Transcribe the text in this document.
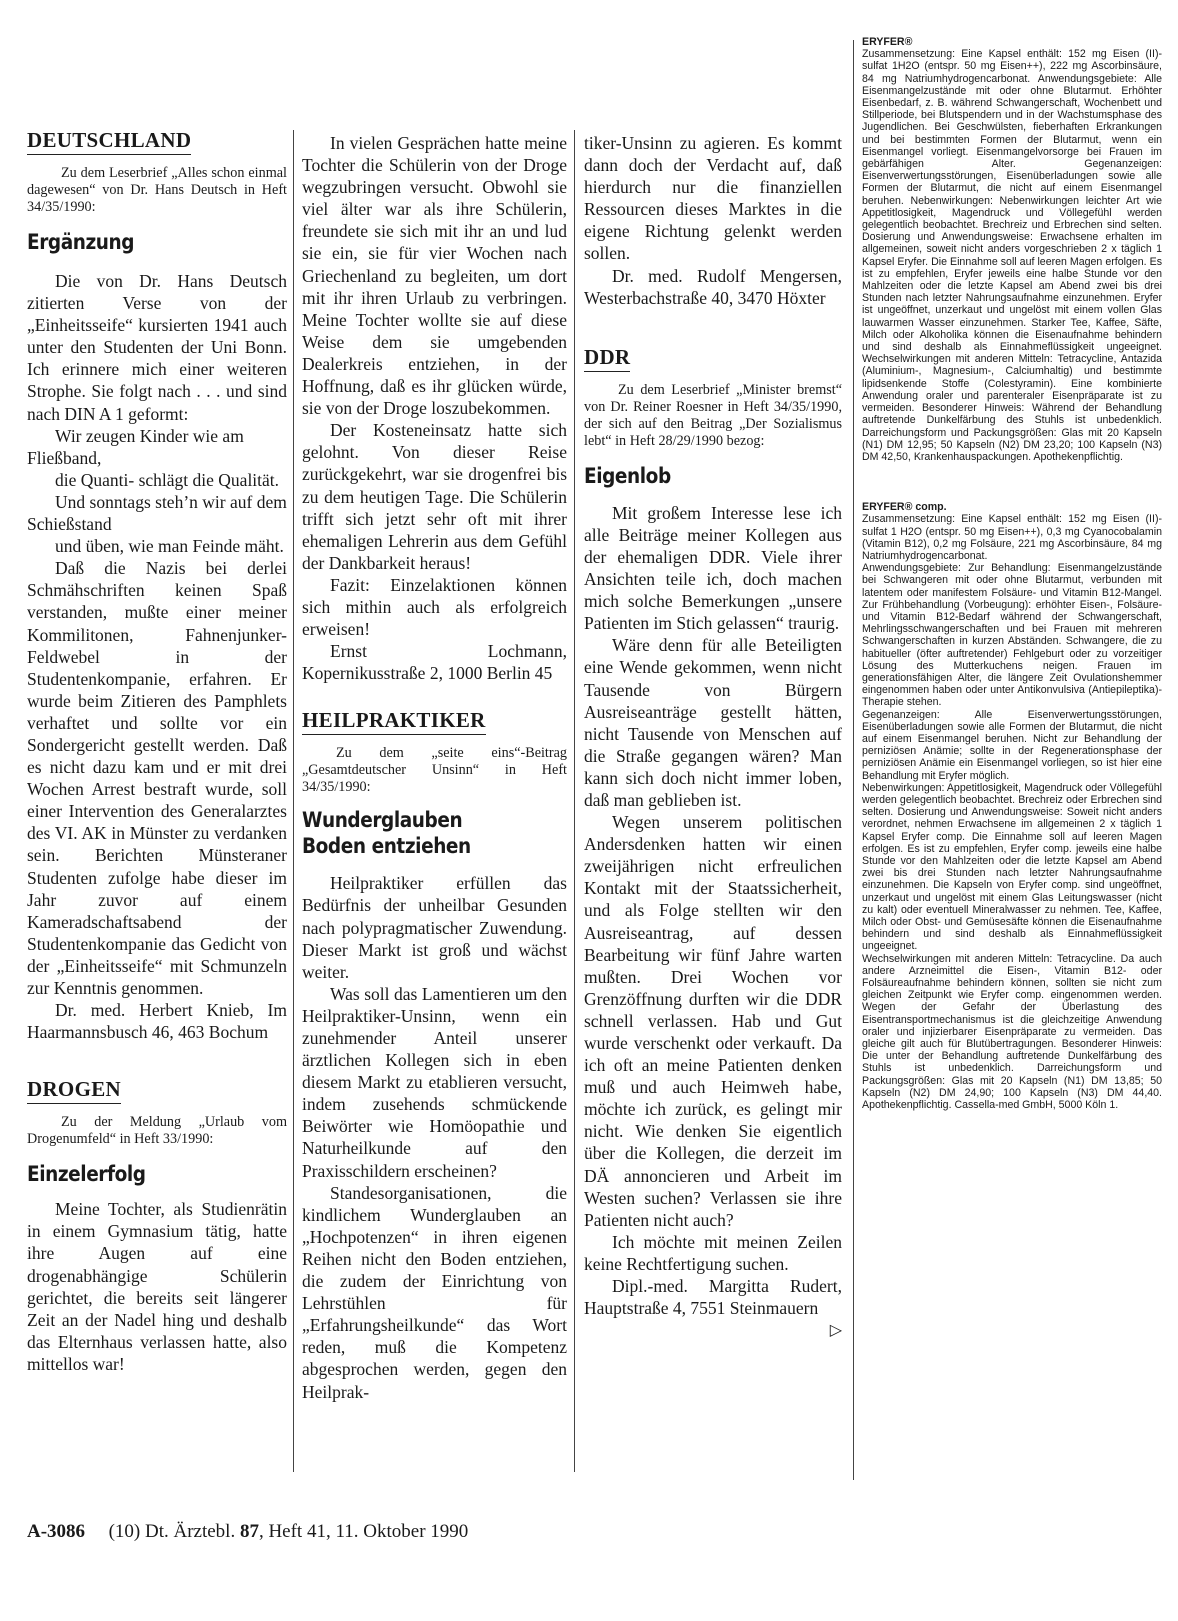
DEUTSCHLAND

Zu dem Leserbrief „Alles schon einmal dagewesen“ von Dr. Hans Deutsch in Heft 34/35/1990:

Ergänzung

Die von Dr. Hans Deutsch zitierten Verse von der „Einheitsseife“ kursierten 1941 auch unter den Studenten der Uni Bonn. Ich erinnere mich einer weiteren Strophe. Sie folgt nach . . . und sind nach DIN A 1 geformt:

Wir zeugen Kinder wie am Fließband,

die Quanti- schlägt die Qualität.

Und sonntags steh’n wir auf dem Schießstand

und üben, wie man Feinde mäht.

Daß die Nazis bei derlei Schmähschriften keinen Spaß verstanden, mußte einer meiner Kommilitonen, Fahnenjunker-Feldwebel in der Studentenkompanie, erfahren. Er wurde beim Zitieren des Pamphlets verhaftet und sollte vor ein Sondergericht gestellt werden. Daß es nicht dazu kam und er mit drei Wochen Arrest bestraft wurde, soll einer Intervention des Generalarztes des VI. AK in Münster zu verdanken sein. Berichten Münsteraner Studenten zufolge habe dieser im Jahr zuvor auf einem Kameradschaftsabend der Studentenkompanie das Gedicht von der „Einheitsseife“ mit Schmunzeln zur Kenntnis genommen.

Dr. med. Herbert Knieb, Im Haarmannsbusch 46, 463 Bochum

DROGEN

Zu der Meldung „Urlaub vom Drogenumfeld“ in Heft 33/1990:

Einzelerfolg

Meine Tochter, als Studienrätin in einem Gymnasium tätig, hatte ihre Augen auf eine drogenabhängige Schülerin gerichtet, die bereits seit längerer Zeit an der Nadel hing und deshalb das Elternhaus verlassen hatte, also mittellos war!

In vielen Gesprächen hatte meine Tochter die Schülerin von der Droge wegzubringen versucht. Obwohl sie viel älter war als ihre Schülerin, freundete sie sich mit ihr an und lud sie ein, sie für vier Wochen nach Griechenland zu begleiten, um dort mit ihr ihren Urlaub zu verbringen. Meine Tochter wollte sie auf diese Weise dem sie umgebenden Dealerkreis entziehen, in der Hoffnung, daß es ihr glücken würde, sie von der Droge loszubekommen.

Der Kosteneinsatz hatte sich gelohnt. Von dieser Reise zurückgekehrt, war sie drogenfrei bis zu dem heutigen Tage. Die Schülerin trifft sich jetzt sehr oft mit ihrer ehemaligen Lehrerin aus dem Gefühl der Dankbarkeit heraus!

Fazit: Einzelaktionen können sich mithin auch als erfolgreich erweisen!

Ernst Lochmann, Kopernikusstraße 2, 1000 Berlin 45

HEILPRAKTIKER

Zu dem „seite eins“-Beitrag „Gesamtdeutscher Unsinn“ in Heft 34/35/1990:

Wunderglauben Boden entziehen

Heilpraktiker erfüllen das Bedürfnis der unheilbar Gesunden nach polypragmatischer Zuwendung. Dieser Markt ist groß und wächst weiter.

Was soll das Lamentieren um den Heilpraktiker-Unsinn, wenn ein zunehmender Anteil unserer ärztlichen Kollegen sich in eben diesem Markt zu etablieren versucht, indem zusehends schmückende Beiwörter wie Homöopathie und Naturheilkunde auf den Praxisschildern erscheinen?

Standesorganisationen, die kindlichem Wunderglauben an „Hochpotenzen“ in ihren eigenen Reihen nicht den Boden entziehen, die zudem der Einrichtung von Lehrstühlen für „Erfahrungsheilkunde“ das Wort reden, muß die Kompetenz abgesprochen werden, gegen den Heilprak-

tiker-Unsinn zu agieren. Es kommt dann doch der Verdacht auf, daß hierdurch nur die finanziellen Ressourcen dieses Marktes in die eigene Richtung gelenkt werden sollen.

Dr. med. Rudolf Mengersen, Westerbachstraße 40, 3470 Höxter

DDR

Zu dem Leserbrief „Minister bremst“ von Dr. Reiner Roesner in Heft 34/35/1990, der sich auf den Beitrag „Der Sozialismus lebt“ in Heft 28/29/1990 bezog:

Eigenlob

Mit großem Interesse lese ich alle Beiträge meiner Kollegen aus der ehemaligen DDR. Viele ihrer Ansichten teile ich, doch machen mich solche Bemerkungen „unsere Patienten im Stich gelassen“ traurig.

Wäre denn für alle Beteiligten eine Wende gekommen, wenn nicht Tausende von Bürgern Ausreiseanträge gestellt hätten, nicht Tausende von Menschen auf die Straße gegangen wären? Man kann sich doch nicht immer loben, daß man geblieben ist.

Wegen unserem politischen Andersdenken hatten wir einen zweijährigen nicht erfreulichen Kontakt mit der Staatssicherheit, und als Folge stellten wir den Ausreiseantrag, auf dessen Bearbeitung wir fünf Jahre warten mußten. Drei Wochen vor Grenzöffnung durften wir die DDR schnell verlassen. Hab und Gut wurde verschenkt oder verkauft. Da ich oft an meine Patienten denken muß und auch Heimweh habe, möchte ich zurück, es gelingt mir nicht. Wie denken Sie eigentlich über die Kollegen, die derzeit im DÄ annoncieren und Arbeit im Westen suchen? Verlassen sie ihre Patienten nicht auch?

Ich möchte mit meinen Zeilen keine Rechtfertigung suchen.

Dipl.-med. Margitta Rudert, Hauptstraße 4, 7551 Steinmauern
▷

ERYFER®

Zusammensetzung: Eine Kapsel enthält: 152 mg Eisen (II)-sulfat 1H2O (entspr. 50 mg Eisen++), 222 mg Ascorbinsäure, 84 mg Natriumhydrogencarbonat. Anwendungsgebiete: Alle Eisenmangelzustände mit oder ohne Blutarmut. Erhöhter Eisenbedarf, z. B. während Schwangerschaft, Wochenbett und Stillperiode, bei Blutspendern und in der Wachstumsphase des Jugendlichen. Bei Geschwülsten, fieberhaften Erkrankungen und bei bestimmten Formen der Blutarmut, wenn ein Eisenmangel vorliegt. Eisenmangelvorsorge bei Frauen im gebärfähigen Alter. Gegenanzeigen: Eisenverwertungsstörungen, Eisenüberladungen sowie alle Formen der Blutarmut, die nicht auf einem Eisenmangel beruhen. Nebenwirkungen: Nebenwirkungen leichter Art wie Appetitlosigkeit, Magendruck und Völlegefühl werden gelegentlich beobachtet. Brechreiz und Erbrechen sind selten. Dosierung und Anwendungsweise: Erwachsene erhalten im allgemeinen, soweit nicht anders vorgeschrieben 2 x täglich 1 Kapsel Eryfer. Die Einnahme soll auf leeren Magen erfolgen. Es ist zu empfehlen, Eryfer jeweils eine halbe Stunde vor den Mahlzeiten oder die letzte Kapsel am Abend zwei bis drei Stunden nach letzter Nahrungsaufnahme einzunehmen. Eryfer ist ungeöffnet, unzerkaut und ungelöst mit einem vollen Glas lauwarmen Wasser einzunehmen. Starker Tee, Kaffee, Säfte, Milch oder Alkoholika können die Eisenaufnahme behindern und sind deshalb als Einnahmeflüssigkeit ungeeignet. Wechselwirkungen mit anderen Mitteln: Tetracycline, Antazida (Aluminium-, Magnesium-, Calciumhaltig) und bestimmte lipidsenkende Stoffe (Colestyramin). Eine kombinierte Anwendung oraler und parenteraler Eisenpräparate ist zu vermeiden. Besonderer Hinweis: Während der Behandlung auftretende Dunkelfärbung des Stuhls ist unbedenklich. Darreichungsform und Packungsgrößen: Glas mit 20 Kapseln (N1) DM 12,95; 50 Kapseln (N2) DM 23,20; 100 Kapseln (N3) DM 42,50, Krankenhauspackungen. Apothekenpflichtig.

ERYFER® comp.

Zusammensetzung: Eine Kapsel enthält: 152 mg Eisen (II)-sulfat 1 H2O (entspr. 50 mg Eisen++), 0,3 mg Cyanocobalamin (Vitamin B12), 0,2 mg Folsäure, 221 mg Ascorbinsäure, 84 mg Natriumhydrogencarbonat.

Anwendungsgebiete: Zur Behandlung: Eisenmangelzustände bei Schwangeren mit oder ohne Blutarmut, verbunden mit latentem oder manifestem Folsäure- und Vitamin B12-Mangel. Zur Frühbehandlung (Vorbeugung): erhöhter Eisen-, Folsäure- und Vitamin B12-Bedarf während der Schwangerschaft, Mehrlingsschwangerschaften und bei Frauen mit mehreren Schwangerschaften in kurzen Abständen. Schwangere, die zu habitueller (öfter auftretender) Fehlgeburt oder zu vorzeitiger Lösung des Mutterkuchens neigen. Frauen im generationsfähigen Alter, die längere Zeit Ovulationshemmer eingenommen haben oder unter Antikonvulsiva (Antiepileptika)-Therapie stehen.

Gegenanzeigen: Alle Eisenverwertungsstörungen, Eisenüberladungen sowie alle Formen der Blutarmut, die nicht auf einem Eisenmangel beruhen. Nicht zur Behandlung der perniziösen Anämie; sollte in der Regenerationsphase der perniziösen Anämie ein Eisenmangel vorliegen, so ist hier eine Behandlung mit Eryfer möglich.

Nebenwirkungen: Appetitlosigkeit, Magendruck oder Völlegefühl werden gelegentlich beobachtet. Brechreiz oder Erbrechen sind selten. Dosierung und Anwendungsweise: Soweit nicht anders verordnet, nehmen Erwachsene im allgemeinen 2 x täglich 1 Kapsel Eryfer comp. Die Einnahme soll auf leeren Magen erfolgen. Es ist zu empfehlen, Eryfer comp. jeweils eine halbe Stunde vor den Mahlzeiten oder die letzte Kapsel am Abend zwei bis drei Stunden nach letzter Nahrungsaufnahme einzunehmen. Die Kapseln von Eryfer comp. sind ungeöffnet, unzerkaut und ungelöst mit einem Glas Leitungswasser (nicht zu kalt) oder eventuell Mineralwasser zu nehmen. Tee, Kaffee, Milch oder Obst- und Gemüsesäfte können die Eisenaufnahme behindern und sind deshalb als Einnahmeflüssigkeit ungeeignet.

Wechselwirkungen mit anderen Mitteln: Tetracycline. Da auch andere Arzneimittel die Eisen-, Vitamin B12- oder Folsäureaufnahme behindern können, sollten sie nicht zum gleichen Zeitpunkt wie Eryfer comp. eingenommen werden. Wegen der Gefahr der Überlastung des Eisentransportmechanismus ist die gleichzeitige Anwendung oraler und injizierbarer Eisenpräparate zu vermeiden. Das gleiche gilt auch für Blutübertragungen. Besonderer Hinweis: Die unter der Behandlung auftretende Dunkelfärbung des Stuhls ist unbedenklich. Darreichungsform und Packungsgrößen: Glas mit 20 Kapseln (N1) DM 13,85; 50 Kapseln (N2) DM 24,90; 100 Kapseln (N3) DM 44,40. Apothekenpflichtig. Cassella-med GmbH, 5000 Köln 1.

A-3086 (10) Dt. Ärztebl. 87, Heft 41, 11. Oktober 1990
